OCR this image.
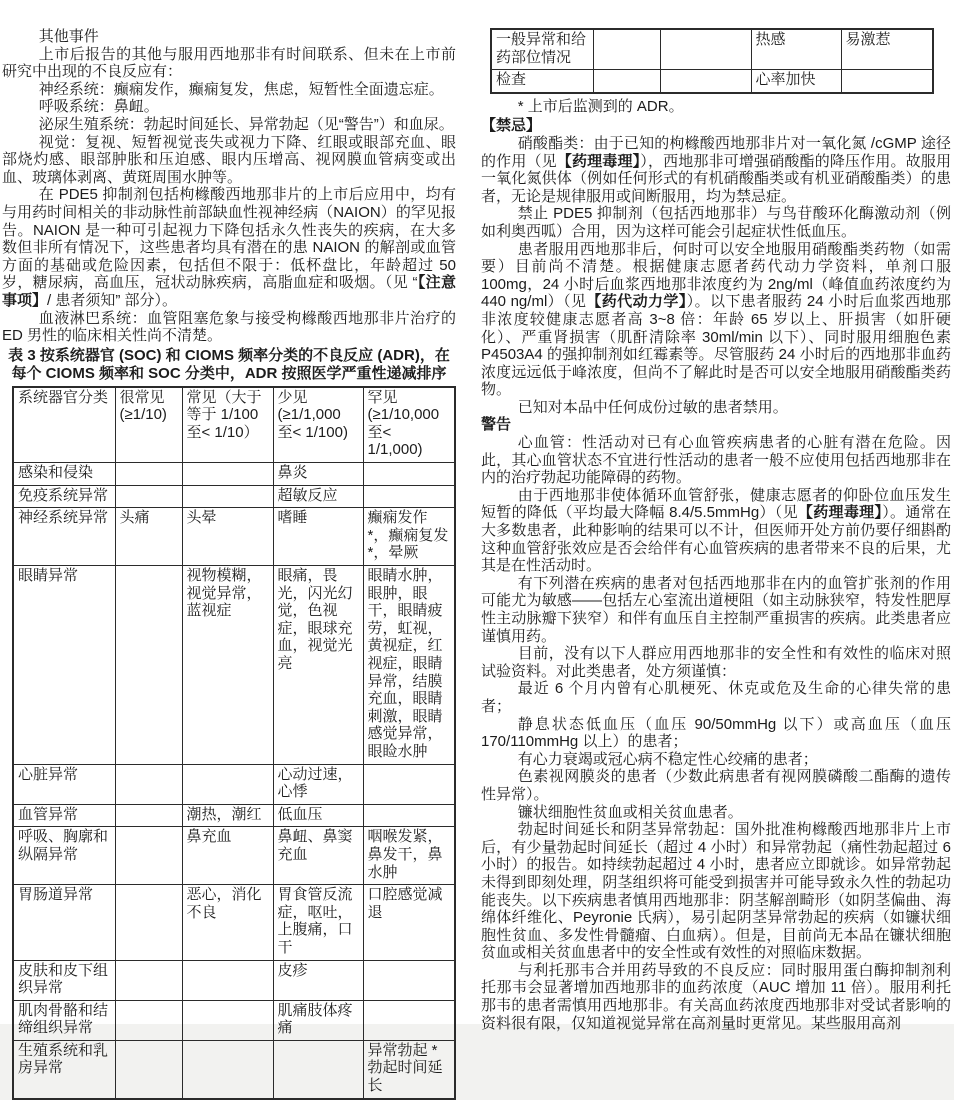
其他事件

上市后报告的其他与服用西地那非有时间联系、但未在上市前研究中出现的不良反应有：

神经系统：癫痫发作，癫痫复发，焦虑，短暂性全面遗忘症。

呼吸系统：鼻衄。

泌尿生殖系统：勃起时间延长、异常勃起（见“警告”）和血尿。

视觉：复视、短暂视觉丧失或视力下降、红眼或眼部充血、眼部烧灼感、眼部肿胀和压迫感、眼内压增高、视网膜血管病变或出血、玻璃体剥离、黄斑周围水肿等。

在 PDE5 抑制剂包括枸橼酸西地那非片的上市后应用中，均有与用药时间相关的非动脉性前部缺血性视神经病（NAION）的罕见报告。NAION 是一种可引起视力下降包括永久性丧失的疾病，在大多数但非所有情况下，这些患者均具有潜在的患 NAION 的解剖或血管方面的基础或危险因素，包括但不限于：低杯盘比，年龄超过 50 岁，糖尿病，高血压，冠状动脉疾病，高脂血症和吸烟。（见 “【注意事项】/ 患者须知” 部分）。

血液淋巴系统：血管阻塞危象与接受枸橼酸西地那非片治疗的 ED 男性的临床相关性尚不清楚。

表 3 按系统器官 (SOC) 和 CIOMS 频率分类的不良反应 (ADR)，在每个 CIOMS 频率和 SOC 分类中，ADR 按照医学严重性递减排序
系统器官分类	很常见 (≥1/10)	常见（大于等于 1/100 至< 1/10）	少见 (≥1/1,000 至< 1/100)	罕见 (≥1/10,000 至< 1/1,000)
感染和侵染			鼻炎	
免疫系统异常			超敏反应	
神经系统异常	头痛	头晕	嗜睡	癫痫发作 *，癫痫复发 *，晕厥
眼睛异常		视物模糊，视觉异常，蓝视症	眼痛，畏光，闪光幻觉，色视症，眼球充血，视觉光亮	眼睛水肿，眼肿，眼干，眼睛疲劳，虹视，黄视症，红视症，眼睛异常，结膜充血，眼睛刺激，眼睛感觉异常，眼睑水肿
心脏异常			心动过速，心悸	
血管异常		潮热，潮红	低血压	
呼吸、胸廓和纵隔异常		鼻充血	鼻衄、鼻窦充血	咽喉发紧，鼻发干，鼻水肿
胃肠道异常		恶心，消化不良	胃食管反流症，呕吐，上腹痛，口干	口腔感觉减退
皮肤和皮下组织异常			皮疹	
肌肉骨骼和结缔组织异常			肌痛肢体疼痛	
生殖系统和乳房异常				异常勃起 * 勃起时间延长
一般异常和给药部位情况			热感	易激惹
检查			心率加快	

* 上市后监测到的 ADR。

【禁忌】

硝酸酯类：由于已知的枸橼酸西地那非片对一氧化氮 /cGMP 途径的作用（见【药理毒理】），西地那非可增强硝酸酯的降压作用。故服用一氧化氮供体（例如任何形式的有机硝酸酯类或有机亚硝酸酯类）的患者，无论是规律服用或间断服用，均为禁忌症。

禁止 PDE5 抑制剂（包括西地那非）与鸟苷酸环化酶激动剂（例如利奥西呱）合用，因为这样可能会引起症状性低血压。

患者服用西地那非后，何时可以安全地服用硝酸酯类药物（如需要）目前尚不清楚。根据健康志愿者药代动力学资料，单剂口服 100mg，24 小时后血浆西地那非浓度约为 2ng/ml（峰值血药浓度约为 440 ng/ml）（见【药代动力学】）。以下患者服药 24 小时后血浆西地那非浓度较健康志愿者高 3~8 倍：年龄 65 岁以上、肝损害（如肝硬化）、严重肾损害（肌酐清除率 30ml/min 以下）、同时服用细胞色素 P4503A4 的强抑制剂如红霉素等。尽管服药 24 小时后的西地那非血药浓度远远低于峰浓度，但尚不了解此时是否可以安全地服用硝酸酯类药物。

已知对本品中任何成份过敏的患者禁用。

警告

心血管：性活动对已有心血管疾病患者的心脏有潜在危险。因此，其心血管状态不宜进行性活动的患者一般不应使用包括西地那非在内的治疗勃起功能障碍的药物。

由于西地那非使体循环血管舒张，健康志愿者的仰卧位血压发生短暂的降低（平均最大降幅 8.4/5.5mmHg）（见【药理毒理】）。通常在大多数患者，此种影响的结果可以不计，但医师开处方前仍要仔细斟酌这种血管舒张效应是否会给伴有心血管疾病的患者带来不良的后果，尤其是在性活动时。

有下列潜在疾病的患者对包括西地那非在内的血管扩张剂的作用可能尤为敏感——包括左心室流出道梗阻（如主动脉狭窄，特发性肥厚性主动脉瓣下狭窄）和伴有血压自主控制严重损害的疾病。此类患者应谨慎用药。

目前，没有以下人群应用西地那非的安全性和有效性的临床对照试验资料。对此类患者，处方须谨慎：

最近 6 个月内曾有心肌梗死、休克或危及生命的心律失常的患者；

静息状态低血压（血压 90/50mmHg 以下）或高血压（血压 170/110mmHg 以上）的患者；

有心力衰竭或冠心病不稳定性心绞痛的患者；

色素视网膜炎的患者（少数此病患者有视网膜磷酸二酯酶的遗传性异常）。

镰状细胞性贫血或相关贫血患者。

勃起时间延长和阴茎异常勃起：国外批准枸橼酸西地那非片上市后，有少量勃起时间延长（超过 4 小时）和异常勃起（痛性勃起超过 6 小时）的报告。如持续勃起超过 4 小时，患者应立即就诊。如异常勃起未得到即刻处理，阴茎组织将可能受到损害并可能导致永久性的勃起功能丧失。以下疾病患者慎用西地那非：阴茎解剖畸形（如阴茎偏曲、海绵体纤维化、Peyronie 氏病），易引起阴茎异常勃起的疾病（如镰状细胞性贫血、多发性骨髓瘤、白血病）。但是，目前尚无本品在镰状细胞贫血或相关贫血患者中的安全性或有效性的对照临床数据。

与利托那韦合并用药导致的不良反应：同时服用蛋白酶抑制剂利托那韦会显著增加西地那非的血药浓度（AUC 增加 11 倍）。服用利托那韦的患者需慎用西地那非。有关高血药浓度西地那非对受试者影响的资料很有限，仅知道视觉异常在高剂量时更常见。某些服用高剂
